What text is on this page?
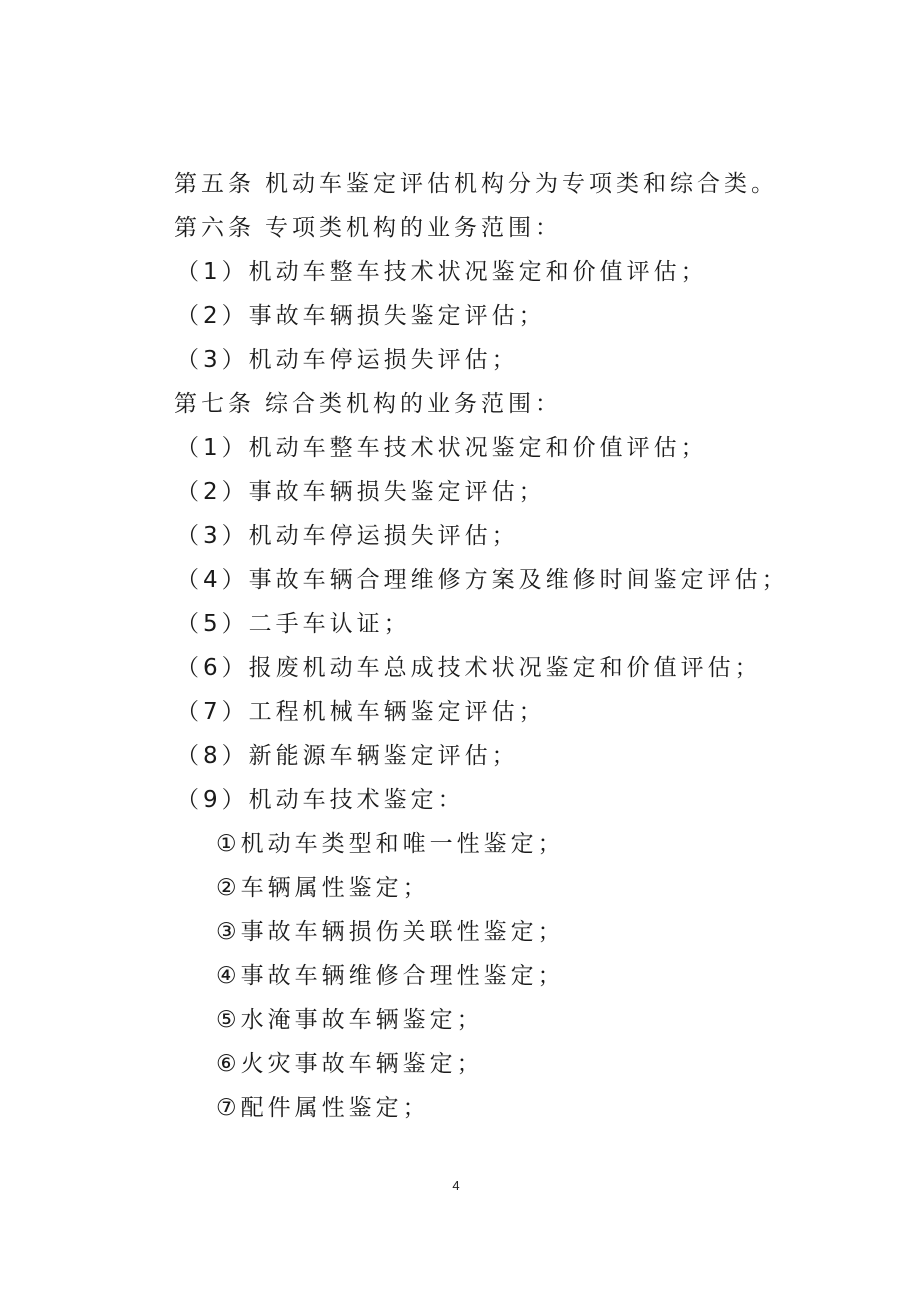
第五条 机动车鉴定评估机构分为专项类和综合类。
第六条 专项类机构的业务范围：
（1）机动车整车技术状况鉴定和价值评估；
（2）事故车辆损失鉴定评估；
（3）机动车停运损失评估；
第七条 综合类机构的业务范围：
（1）机动车整车技术状况鉴定和价值评估；
（2）事故车辆损失鉴定评估；
（3）机动车停运损失评估；
（4）事故车辆合理维修方案及维修时间鉴定评估；
（5）二手车认证；
（6）报废机动车总成技术状况鉴定和价值评估；
（7）工程机械车辆鉴定评估；
（8）新能源车辆鉴定评估；
（9）机动车技术鉴定：
①机动车类型和唯一性鉴定；
②车辆属性鉴定；
③事故车辆损伤关联性鉴定；
④事故车辆维修合理性鉴定；
⑤水淹事故车辆鉴定；
⑥火灾事故车辆鉴定；
⑦配件属性鉴定；
4
